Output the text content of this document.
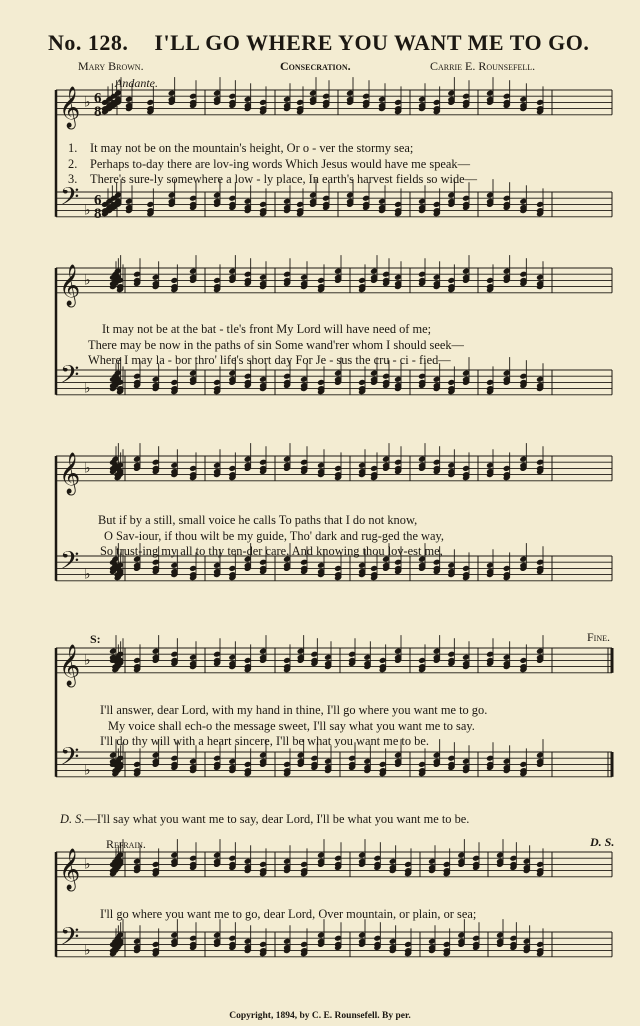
No. 128. I'LL GO WHERE YOU WANT ME TO GO.
Mary Brown.	Consecration.	Carrie E. Rounsefell.
Andante.
𝄞 ♭ 6
8
𝄢 ♭
6
8
𝄞 ♭
𝄢 ♭
𝄞 ♭
𝄢 ♭
𝄞 ♭
𝄢 ♭
𝄞 ♭
𝄢 ♭
1. It may not be on the mountain's height, Or o - ver the stormy sea;
2. Perhaps to-day there are lov-ing words Which Jesus would have me speak—
3. There's sure-ly somewhere a low - ly place, In earth's harvest fields so wide—
It may not be at the bat - tle's front My Lord will have need of me;
There may be now in the paths of sin Some wand'rer whom I should seek—
Where I may la - bor thro' life's short day For Je - sus the cru - ci - fied—
But if by a still, small voice he calls To paths that I do not know,
O Sav-iour, if thou wilt be my guide, Tho' dark and rug-ged the way,
So trust-ing my all to thy ten-der care, And knowing thou lov-est me,
S:	Fine.
I'll answer, dear Lord, with my hand in thine, I'll go where you want me to go.
My voice shall ech-o the message sweet, I'll say what you want me to say.
I'll do thy will with a heart sincere, I'll be what you want me to be.
D. S.—I'll say what you want me to say, dear Lord, I'll be what you want me to be.
Refrain.	D. S.
I'll go where you want me to go, dear Lord, Over mountain, or plain, or sea;
Copyright, 1894, by C. E. Rounsefell. By per.
